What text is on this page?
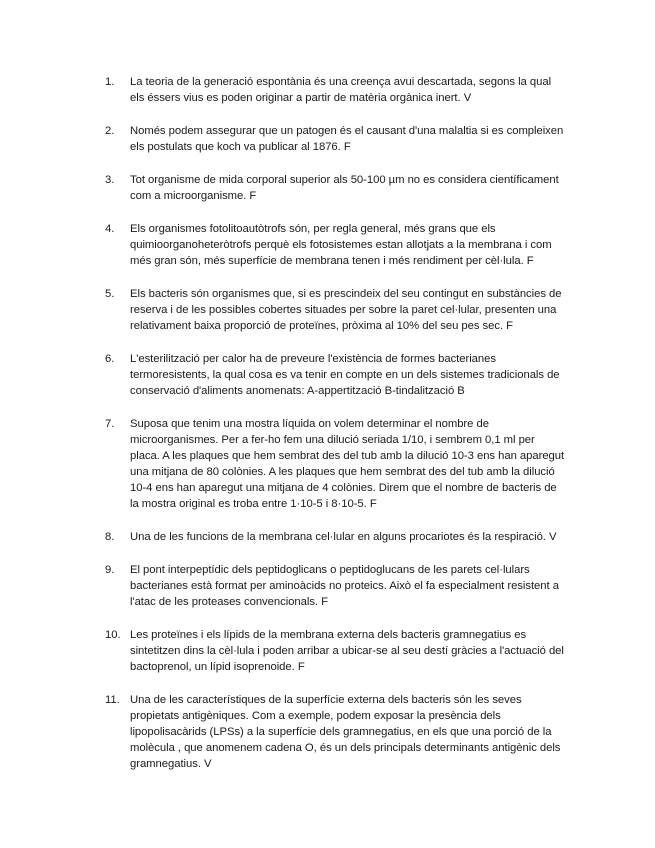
1.	La teoria de la generació espontània és una creença avui descartada, segons la qual els éssers vius es poden originar a partir de matèria orgànica inert. V
2.	Només podem assegurar que un patogen és el causant d'una malaltia si es compleixen els postulats que koch va publicar al 1876. F
3.	Tot organisme de mida corporal superior als 50-100 µm no es considera científicament com a microorganisme. F
4.	Els organismes fotolitoautòtrofs són, per regla general, més grans que els quimioorganoheteròtrofs perquè els fotosistemes estan allotjats a la membrana i com més gran són, més superfície de membrana tenen i més rendiment per cèl·lula. F
5.	Els bacteris són organismes que, si es prescindeix del seu contingut en substàncies de reserva i de les possibles cobertes situades per sobre la paret cel·lular, presenten una relativament baixa proporció de proteïnes, pròxima al 10% del seu pes sec. F
6.	L'esterilització per calor ha de preveure l'existència de formes bacterianes termoresistents, la qual cosa es va tenir en compte en un dels sistemes tradicionals de conservació d'aliments anomenats: A-appertització B-tindalització B
7.	Suposa que tenim una mostra líquida on volem determinar el nombre de microorganismes. Per a fer-ho fem una dilució seriada 1/10, i sembrem 0,1 ml per placa. A les plaques que hem sembrat des del tub amb la dilució 10-3 ens han aparegut una mitjana de 80 colònies. A les plaques que hem sembrat des del tub amb la dilució 10-4 ens han aparegut una mitjana de 4 colònies. Direm que el nombre de bacteris de la mostra original es troba entre 1·10-5 i 8·10-5. F
8.	Una de les funcions de la membrana cel·lular en alguns procariotes és la respiració. V
9.	El pont interpeptídic dels peptidoglicans o peptidoglucans de les parets cel·lulars bacterianes està format per aminoàcids no proteics. Això el fa especialment resistent a l'atac de les proteases convencionals. F
10. Les proteïnes i els lípids de la membrana externa dels bacteris gramnegatius es sintetitzen dins la cèl·lula i poden arribar a ubicar-se al seu destí gràcies a l'actuació del bactoprenol, un lípid isoprenoide. F
11. Una de les característiques de la superfície externa dels bacteris són les seves propietats antigèniques. Com a exemple, podem exposar la presència dels lipopolisacàrids (LPSs) a la superfície dels gramnegatius, en els que una porció de la molècula , que anomenem cadena O, és un dels principals determinants antigènic dels gramnegatius. V
